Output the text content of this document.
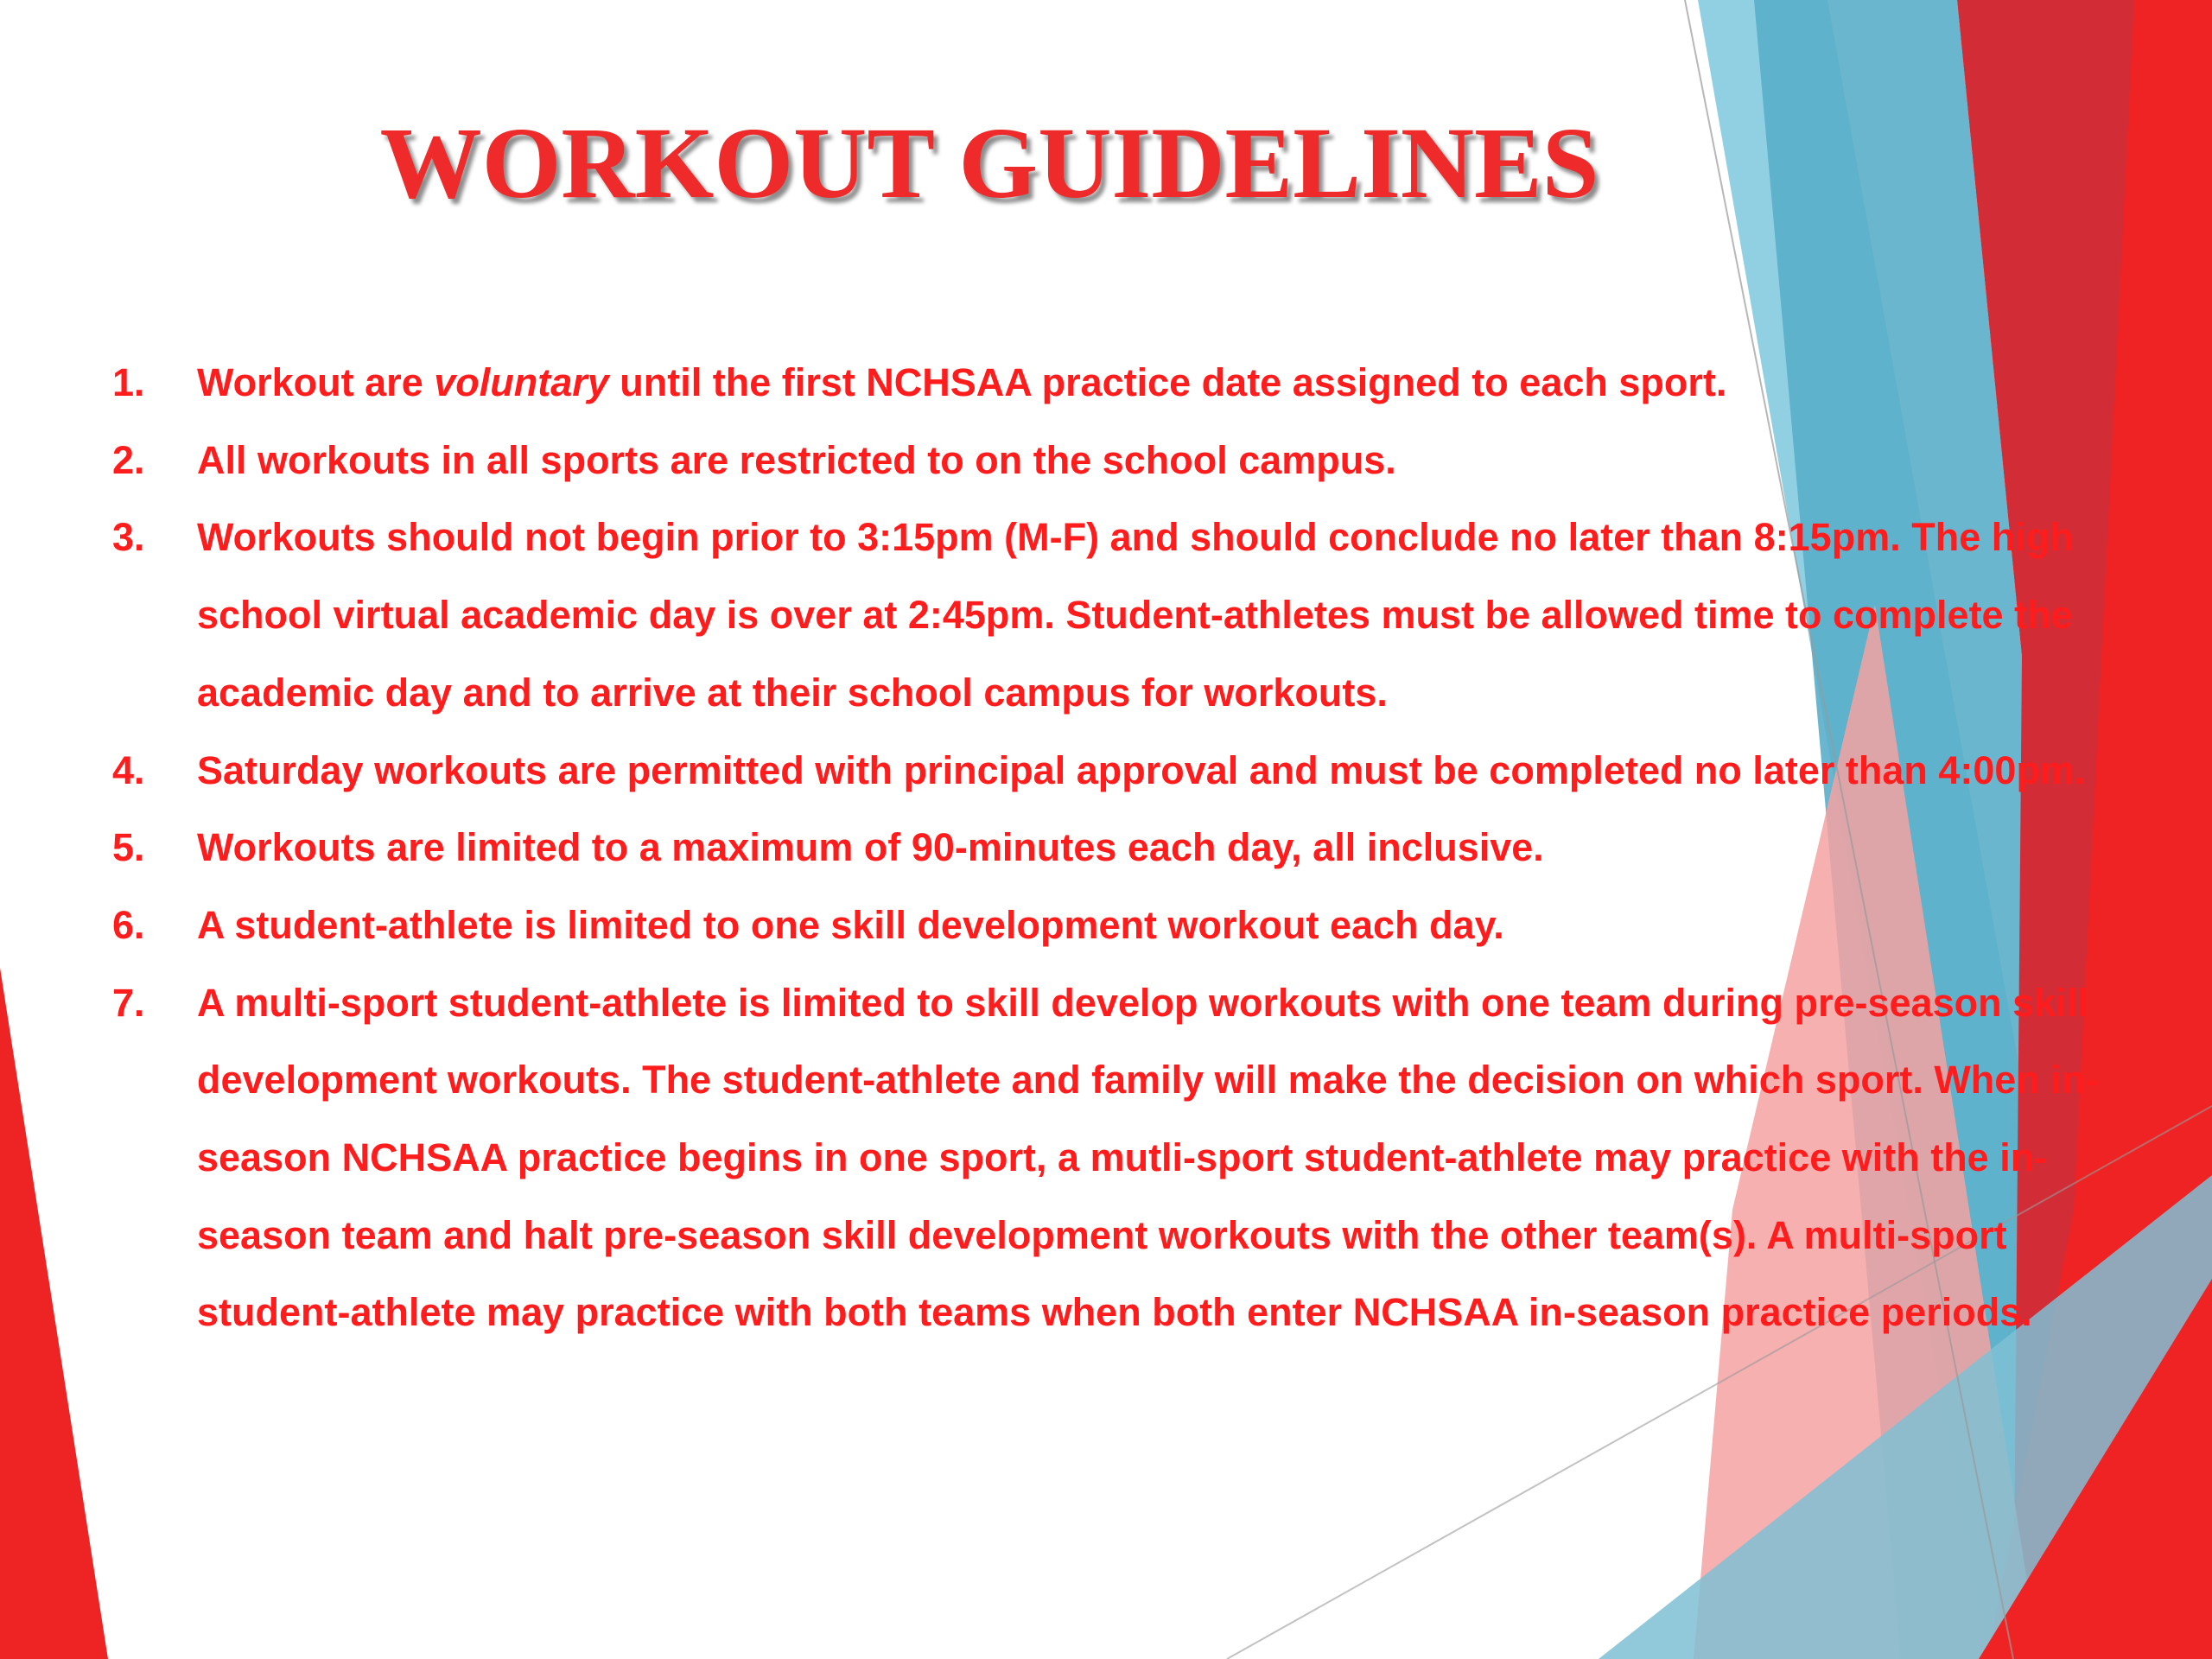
WORKOUT GUIDELINES
1. Workout are voluntary until the first NCHSAA practice date assigned to each sport.
2. All workouts in all sports are restricted to on the school campus.
3. Workouts should not begin prior to 3:15pm (M-F) and should conclude no later than 8:15pm. The high school virtual academic day is over at 2:45pm. Student-athletes must be allowed time to complete the academic day and to arrive at their school campus for workouts.
4. Saturday workouts are permitted with principal approval and must be completed no later than 4:00pm.
5. Workouts are limited to a maximum of 90-minutes each day, all inclusive.
6. A student-athlete is limited to one skill development workout each day.
7. A multi-sport student-athlete is limited to skill develop workouts with one team during pre-season skill development workouts. The student-athlete and family will make the decision on which sport. When in-season NCHSAA practice begins in one sport, a mutli-sport student-athlete may practice with the in-season team and halt pre-season skill development workouts with the other team(s). A multi-sport student-athlete may practice with both teams when both enter NCHSAA in-season practice periods.
